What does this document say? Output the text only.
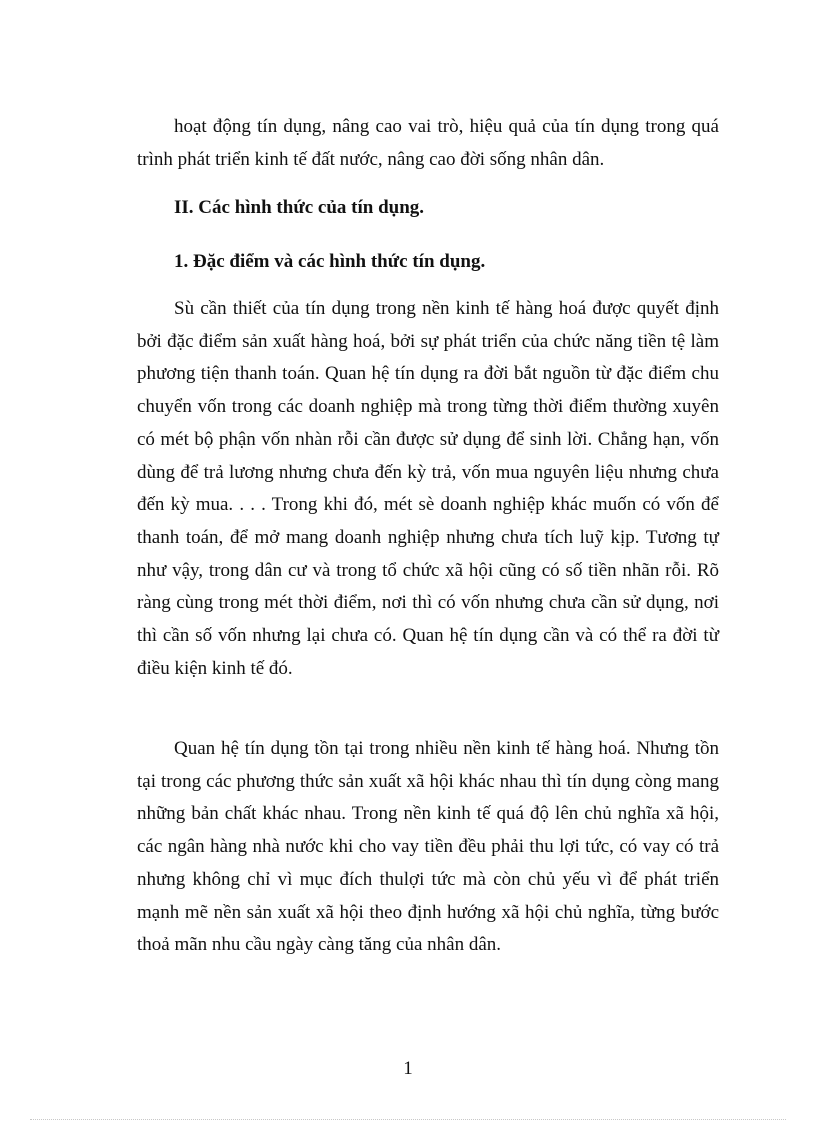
hoạt động tín dụng, nâng cao vai trò, hiệu quả của tín dụng trong quá trình phát triển kinh tế đất nước, nâng cao đời sống nhân dân.

II. Các hình thức của tín dụng.
1. Đặc điểm và các hình thức tín dụng.

Sù cần thiết của tín dụng trong nền kinh tế hàng hoá được quyết định bởi đặc điểm sản xuất hàng hoá, bởi sự phát triển của chức năng tiền tệ làm phương tiện thanh toán. Quan hệ tín dụng ra đời bắt nguồn từ đặc điểm chu chuyển vốn trong các doanh nghiệp mà trong từng thời điểm thường xuyên có mét bộ phận vốn nhàn rỗi cần được sử dụng để sinh lời. Chẳng hạn, vốn dùng để trả lương nhưng chưa đến kỳ trả, vốn mua nguyên liệu nhưng chưa đến kỳ mua. . . . Trong khi đó, mét sè doanh nghiệp khác muốn có vốn để thanh toán, để mở mang doanh nghiệp nhưng chưa tích luỹ kịp. Tương tự như vậy, trong dân cư và trong tổ chức xã hội cũng có số tiền nhãn rỗi. Rõ ràng cùng trong mét thời điểm, nơi thì có vốn nhưng chưa cần sử dụng, nơi thì cần số vốn nhưng lại chưa có. Quan hệ tín dụng cần và có thể ra đời từ điều kiện kinh tế đó.

Quan hệ tín dụng tồn tại trong nhiều nền kinh tế hàng hoá. Nhưng tồn tại trong các phương thức sản xuất xã hội khác nhau thì tín dụng còng mang những bản chất khác nhau. Trong nền kinh tế quá độ lên chủ nghĩa xã hội, các ngân hàng nhà nước khi cho vay tiền đều phải thu lợi tức, có vay có trả nhưng không chỉ vì mục đích thulợi tức mà còn chủ yếu vì để phát triển mạnh mẽ nền sản xuất xã hội theo định hướng xã hội chủ nghĩa, từng bước thoả mãn nhu cầu ngày càng tăng của nhân dân.

1
